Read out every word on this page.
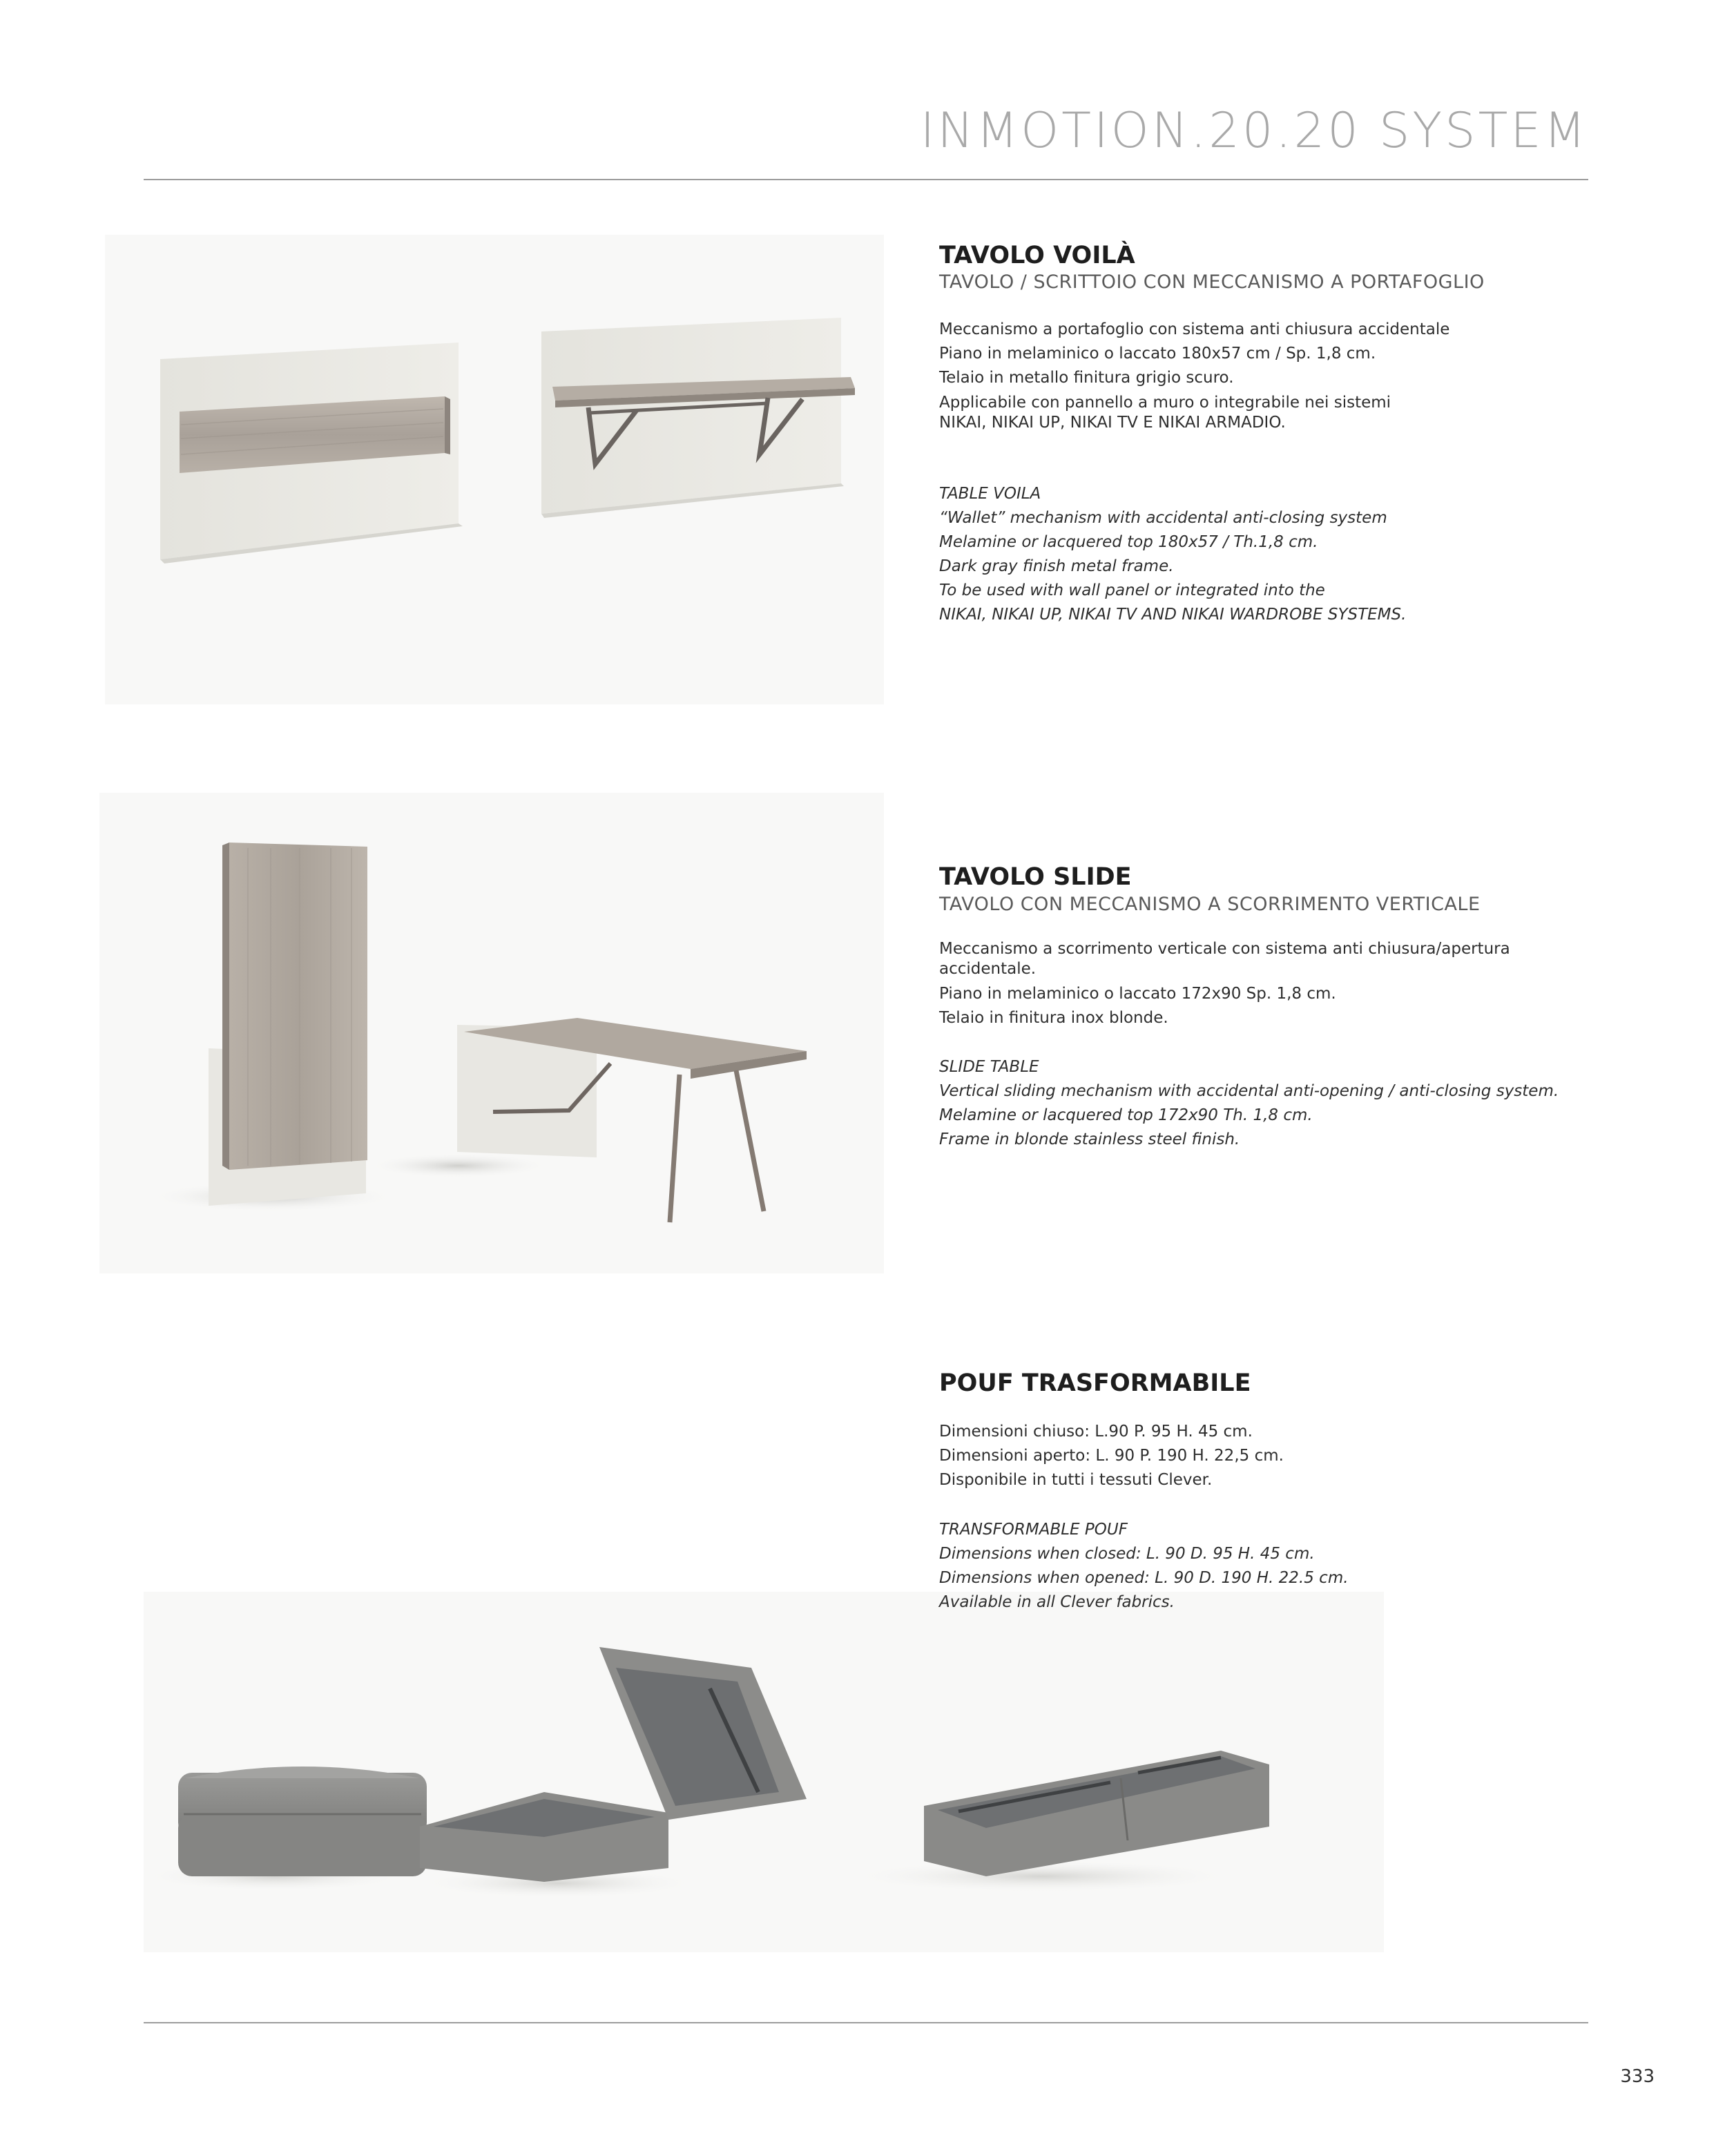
INMOTION.20.20 SYSTEM
TAVOLO VOILÀ
TAVOLO / SCRITTOIO CON MECCANISMO A PORTAFOGLIO

Meccanismo a portafoglio con sistema anti chiusura accidentale

Piano in melaminico o laccato 180x57 cm / Sp. 1,8 cm.

Telaio in metallo finitura grigio scuro.

Applicabile con pannello a muro o integrabile nei sistemi NIKAI, NIKAI UP, NIKAI TV E NIKAI ARMADIO.

TABLE VOILA

“Wallet” mechanism with accidental anti-closing system

Melamine or lacquered top 180x57 / Th.1,8 cm.

Dark gray finish metal frame.

To be used with wall panel or integrated into the

NIKAI, NIKAI UP, NIKAI TV AND NIKAI WARDROBE SYSTEMS.

TAVOLO SLIDE
TAVOLO CON MECCANISMO A SCORRIMENTO VERTICALE

Meccanismo a scorrimento verticale con sistema anti chiusura/apertura accidentale.

Piano in melaminico o laccato 172x90 Sp. 1,8 cm.

Telaio in finitura inox blonde.

SLIDE TABLE

Vertical sliding mechanism with accidental anti-opening / anti-closing system.

Melamine or lacquered top 172x90 Th. 1,8 cm.

Frame in blonde stainless steel finish.

POUF TRASFORMABILE

Dimensioni chiuso: L.90 P. 95 H. 45 cm.

Dimensioni aperto: L. 90 P. 190 H. 22,5 cm.

Disponibile in tutti i tessuti Clever.

TRANSFORMABLE POUF

Dimensions when closed: L. 90 D. 95 H. 45 cm.

Dimensions when opened: L. 90 D. 190 H. 22.5 cm.

Available in all Clever fabrics.

333
